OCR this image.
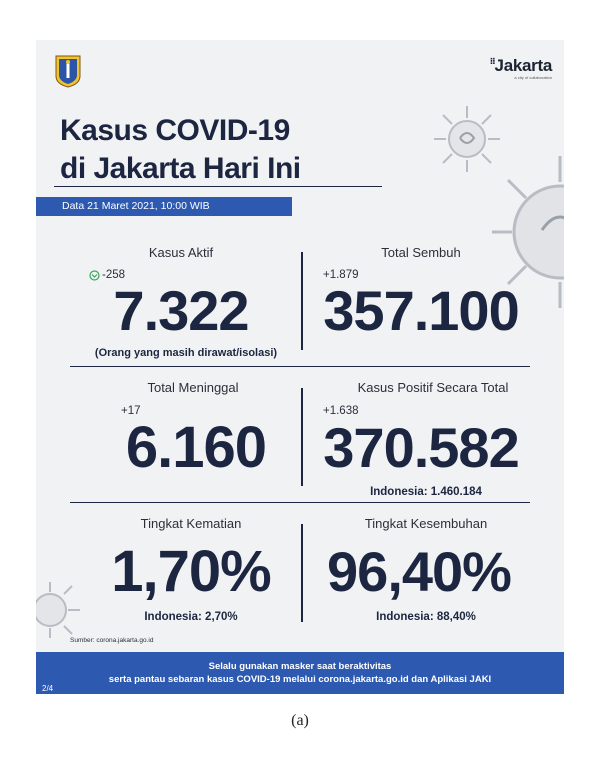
⁝⁝Jakarta
a city of collaboration
Kasus COVID-19
di Jakarta Hari Ini
Data 21 Maret 2021, 10:00 WIB
Kasus Aktif
-258
7.322
(Orang yang masih dirawat/isolasi)
Total Sembuh
+1.879
357.100
Total Meninggal
+17
6.160
Kasus Positif Secara Total
+1.638
370.582
Indonesia: 1.460.184
Tingkat Kematian
1,70%
Indonesia: 2,70%
Tingkat Kesembuhan
96,40%
Indonesia: 88,40%
Sumber: corona.jakarta.go.id
Selalu gunakan masker saat beraktivitas
serta pantau sebaran kasus COVID-19 melalui corona.jakarta.go.id dan Aplikasi JAKI
2/4
(a)
